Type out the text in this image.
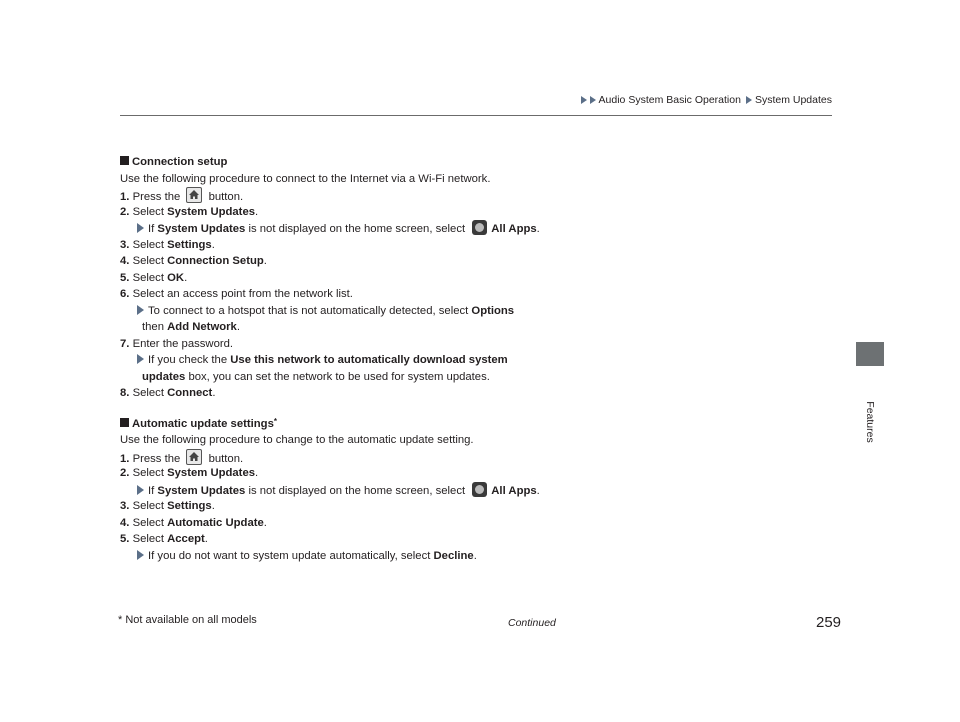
Audio System Basic Operation System Updates
Features
Connection setup
Use the following procedure to connect to the Internet via a Wi-Fi network.
1. Press the	button.
2. Select System Updates.
If System Updates is not displayed on the home screen, select All Apps.
3. Select Settings.
4. Select Connection Setup.
5. Select OK.
6. Select an access point from the network list.
To connect to a hotspot that is not automatically detected, select Options
then Add Network.
7. Enter the password.
If you check the Use this network to automatically download system
updates box, you can set the network to be used for system updates.
8. Select Connect.
Automatic update settings*
Use the following procedure to change to the automatic update setting.
1. Press the	button.
2. Select System Updates.
If System Updates is not displayed on the home screen, select All Apps.
3. Select Settings.
4. Select Automatic Update.
5. Select Accept.
If you do not want to system update automatically, select Decline.
* Not available on all models	Continued	259
